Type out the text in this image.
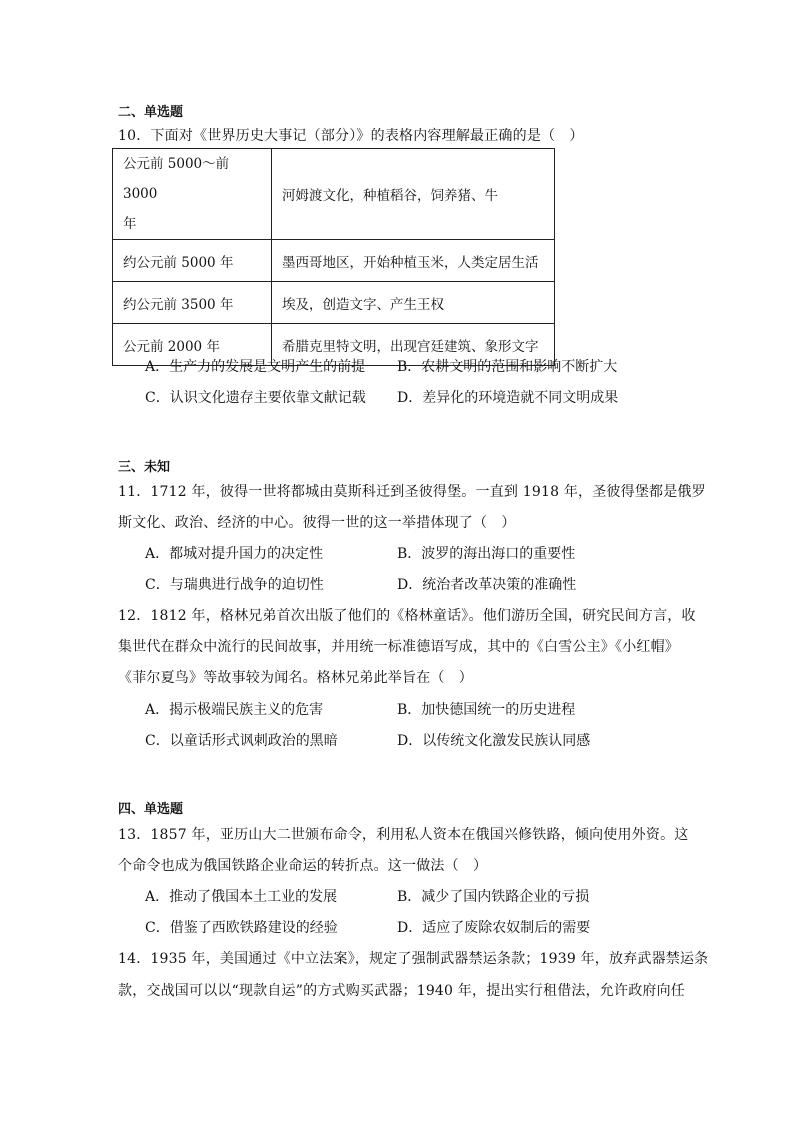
二、单选题
10．下面对《世界历史大事记（部分）》的表格内容理解最正确的是（　）
公元前 5000～前 3000
年	河姆渡文化，种植稻谷，饲养猪、牛
约公元前 5000 年	墨西哥地区，开始种植玉米，人类定居生活
约公元前 3500 年	埃及，创造文字、产生王权
公元前 2000 年	希腊克里特文明，出现宫廷建筑、象形文字
A．生产力的发展是文明产生的前提 B．农耕文明的范围和影响不断扩大
C．认识文化遗存主要依靠文献记载 D．差异化的环境造就不同文明成果
三、未知
11．1712 年，彼得一世将都城由莫斯科迁到圣彼得堡。一直到 1918 年，圣彼得堡都是俄罗
斯文化、政治、经济的中心。彼得一世的这一举措体现了（　）
A．都城对提升国力的决定性	B．波罗的海出海口的重要性
C．与瑞典进行战争的迫切性	D．统治者改革决策的准确性
12．1812 年，格林兄弟首次出版了他们的《格林童话》。他们游历全国，研究民间方言，收
集世代在群众中流行的民间故事，并用统一标准德语写成，其中的《白雪公主》《小红帽》
《菲尔夏鸟》等故事较为闻名。格林兄弟此举旨在（　）
A．揭示极端民族主义的危害	B．加快德国统一的历史进程
C．以童话形式讽刺政治的黑暗	D．以传统文化激发民族认同感
四、单选题
13．1857 年，亚历山大二世颁布命令，利用私人资本在俄国兴修铁路，倾向使用外资。这
个命令也成为俄国铁路企业命运的转折点。这一做法（　）
A．推动了俄国本土工业的发展	B．减少了国内铁路企业的亏损
C．借鉴了西欧铁路建设的经验	D．适应了废除农奴制后的需要
14．1935 年，美国通过《中立法案》，规定了强制武器禁运条款；1939 年，放弃武器禁运条
款，交战国可以以“现款自运”的方式购买武器；1940 年，提出实行租借法，允许政府向任
